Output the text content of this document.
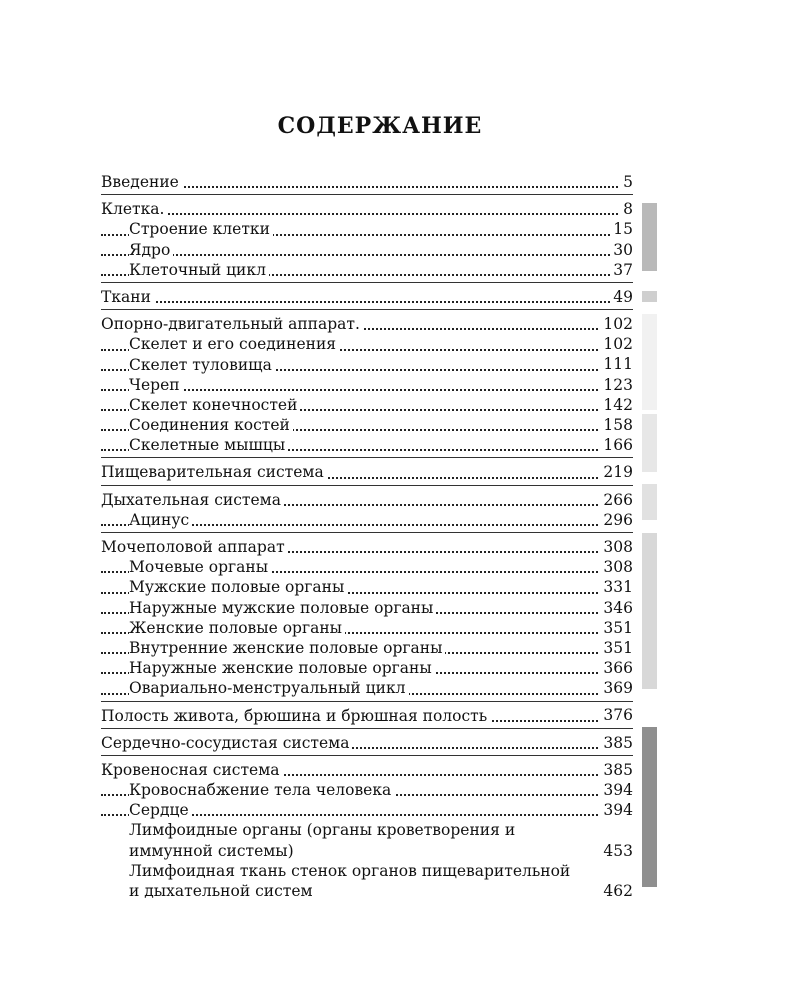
СОДЕРЖАНИЕ
Введение	5
Клетка.	8
Строение клетки	15
Ядро	30
Клеточный цикл	37
Ткани	49
Опорно-двигательный аппарат.	102
Скелет и его соединения	102
Скелет туловища	111
Череп	123
Скелет конечностей	142
Соединения костей	158
Скелетные мышцы	166
Пищеварительная система	219
Дыхательная система	266
Ацинус	296
Мочеполовой аппарат	308
Мочевые органы	308
Мужские половые органы	331
Наружные мужские половые органы	346
Женские половые органы	351
Внутренние женские половые органы	351
Наружные женские половые органы	366
Овариально-менструальный цикл	369
Полость живота, брюшина и брюшная полость	376
Сердечно-сосудистая система	385
Кровеносная система	385
Кровоснабжение тела человека	394
Сердце	394
Лимфоидные органы (органы кроветворения и иммунной системы)	453
Лимфоидная ткань стенок органов пищеварительной и дыхательной систем	462
